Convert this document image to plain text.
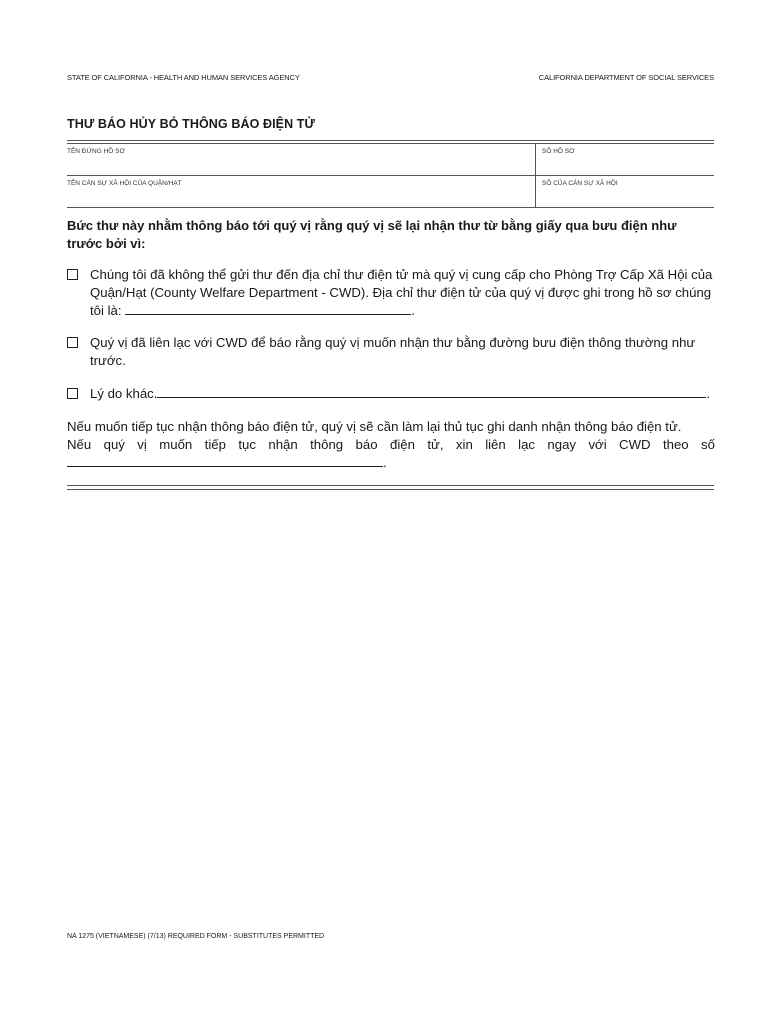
STATE OF CALIFORNIA - HEALTH AND HUMAN SERVICES AGENCY	CALIFORNIA DEPARTMENT OF SOCIAL SERVICES
THƯ BÁO HỦY BỎ THÔNG BÁO ĐIỆN TỬ
TÊN ĐỨNG HỒ SƠ	SỐ HỒ SƠ
TÊN CÁN SỰ XÃ HỘI CỦA QUẬN/HẠT	SỐ CỦA CÁN SỰ XÃ HỘI
Bức thư này nhằm thông báo tới quý vị rằng quý vị sẽ lại nhận thư từ bằng giấy qua bưu điện như trước bởi vì:
Chúng tôi đã không thể gửi thư đến địa chỉ thư điện tử mà quý vị cung cấp cho Phòng Trợ Cấp Xã Hội của Quận/Hạt (County Welfare Department - CWD). Địa chỉ thư điện tử của quý vị được ghi trong hồ sơ chúng tôi là:	.
Quý vị đã liên lạc với CWD để báo rằng quý vị muốn nhận thư bằng đường bưu điện thông thường như trước.
Lý do khác.	.
Nếu muốn tiếp tục nhận thông báo điện tử, quý vị sẽ cần làm lại thủ tục ghi danh nhận thông báo điện tử.
Nếu quý vị muốn tiếp tục nhận thông báo điện tử, xin liên lạc ngay với CWD theo số
.
NA 1275 (VIETNAMESE) (7/13) REQUIRED FORM - SUBSTITUTES PERMITTED
